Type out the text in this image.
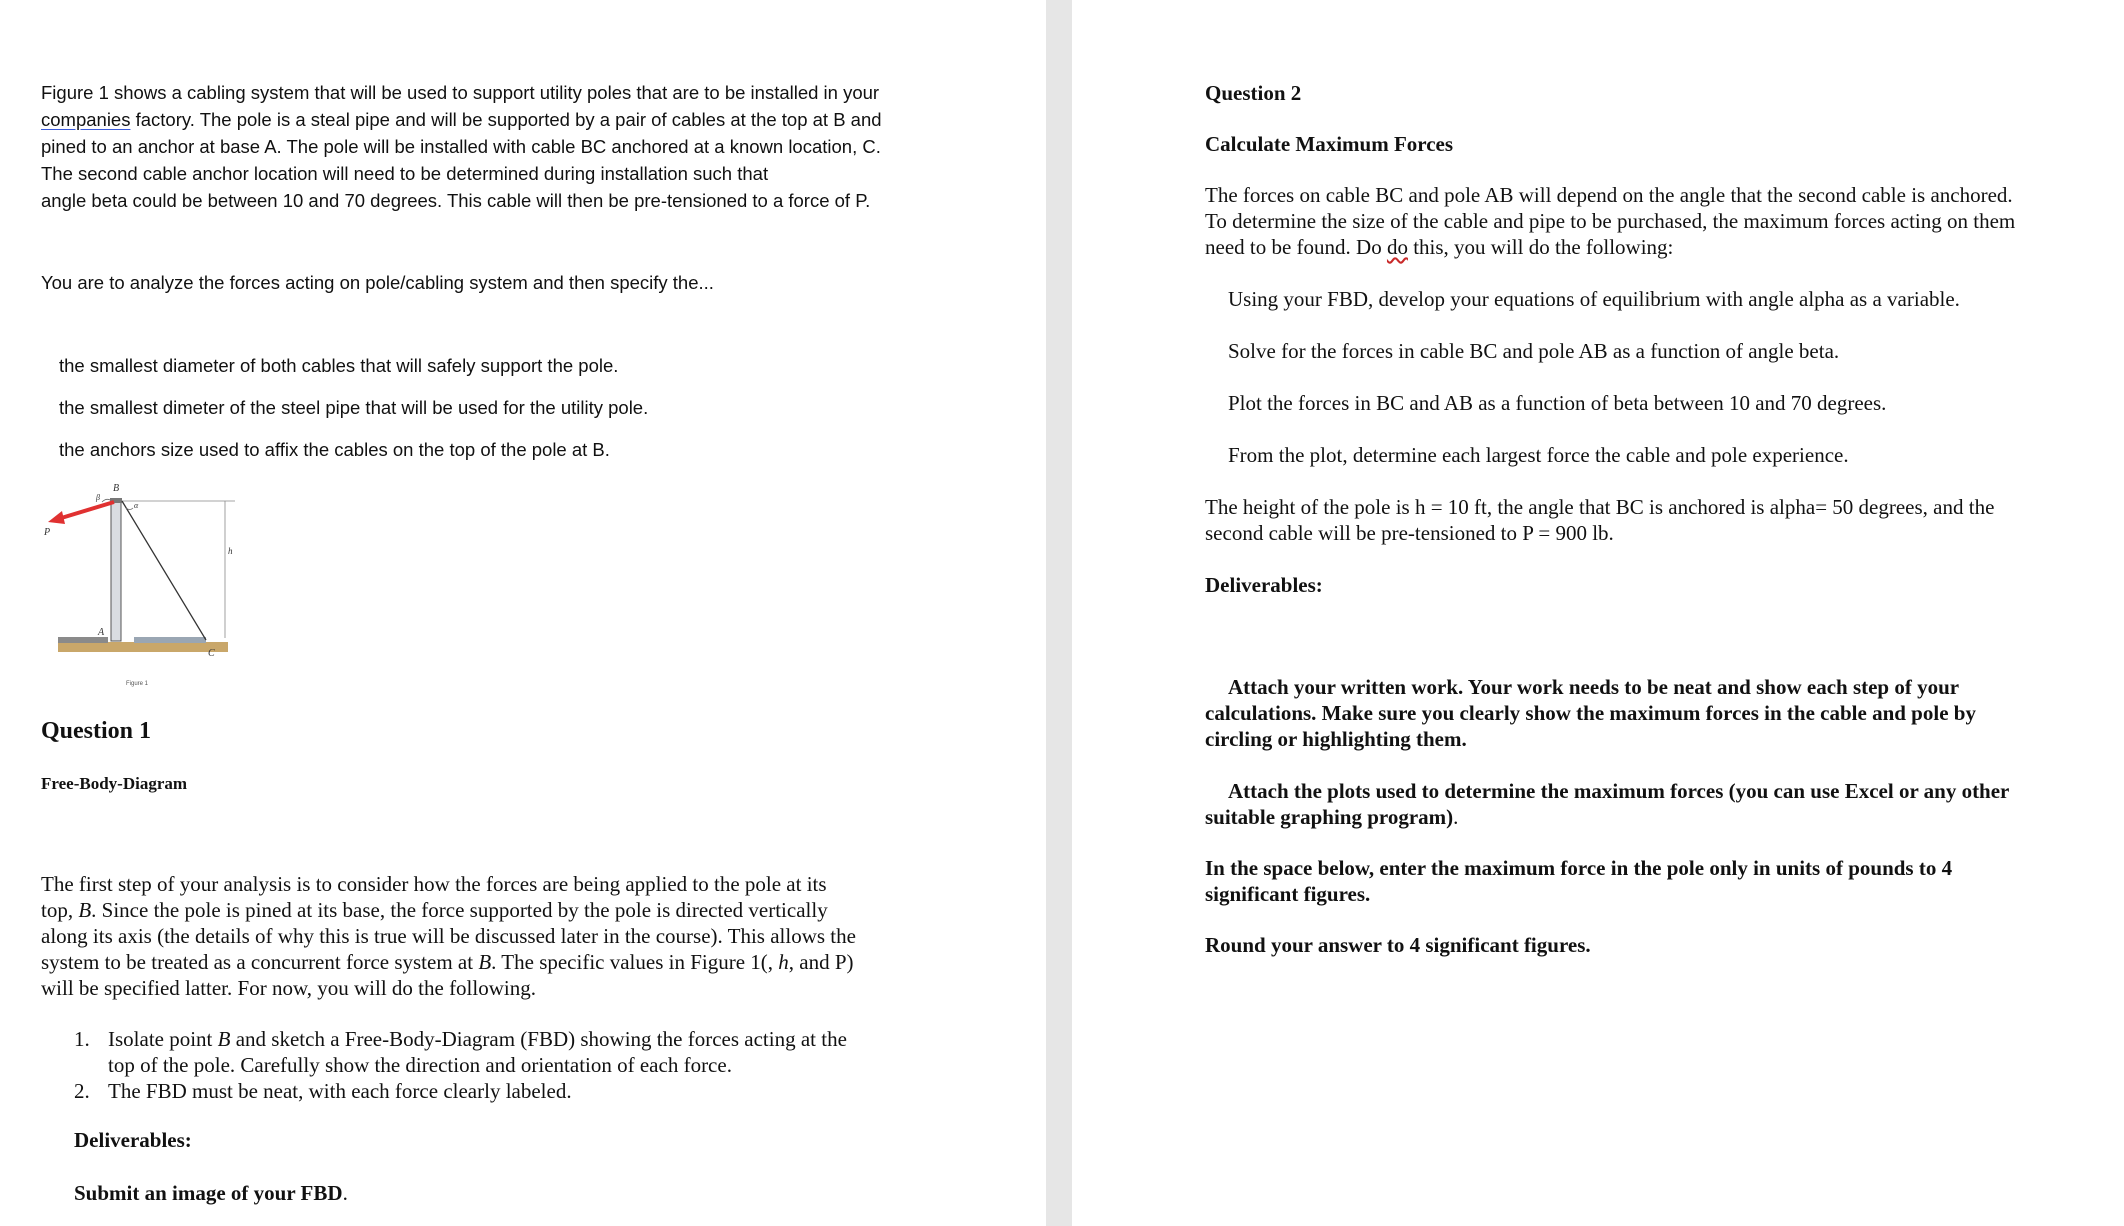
Figure 1 shows a cabling system that will be used to support utility poles that are to be installed in your
companies factory. The pole is a steal pipe and will be supported by a pair of cables at the top at B and
pined to an anchor at base A. The pole will be installed with cable BC anchored at a known location, C.
The second cable anchor location will need to be determined during installation such that
angle beta could be between 10 and 70 degrees. This cable will then be pre-tensioned to a force of P.
You are to analyze the forces acting on pole/cabling system and then specify the...
the smallest diameter of both cables that will safely support the pole.
the smallest dimeter of the steel pipe that will be used for the utility pole.
the anchors size used to affix the cables on the top of the pole at B.
B
P
β
α
h
A
C
Figure 1
Question 1
Free-Body-Diagram
The first step of your analysis is to consider how the forces are being applied to the pole at its
top, B. Since the pole is pined at its base, the force supported by the pole is directed vertically
along its axis (the details of why this is true will be discussed later in the course). This allows the
system to be treated as a concurrent force system at B. The specific values in Figure 1(, h, and P)
will be specified latter. For now, you will do the following.
1. Isolate point B and sketch a Free-Body-Diagram (FBD) showing the forces acting at the
top of the pole. Carefully show the direction and orientation of each force.
2. The FBD must be neat, with each force clearly labeled.
Deliverables:
Submit an image of your FBD.
Question 2
Calculate Maximum Forces
The forces on cable BC and pole AB will depend on the angle that the second cable is anchored.
To determine the size of the cable and pipe to be purchased, the maximum forces acting on them
need to be found. Do do this, you will do the following:
Using your FBD, develop your equations of equilibrium with angle alpha as a variable.
Solve for the forces in cable BC and pole AB as a function of angle beta.
Plot the forces in BC and AB as a function of beta between 10 and 70 degrees.
From the plot, determine each largest force the cable and pole experience.
The height of the pole is h = 10 ft, the angle that BC is anchored is alpha= 50 degrees, and the
second cable will be pre-tensioned to P = 900 lb.
Deliverables:
Attach your written work. Your work needs to be neat and show each step of your
calculations. Make sure you clearly show the maximum forces in the cable and pole by
circling or highlighting them.
Attach the plots used to determine the maximum forces (you can use Excel or any other
suitable graphing program).
In the space below, enter the maximum force in the pole only in units of pounds to 4
significant figures.
Round your answer to 4 significant figures.
